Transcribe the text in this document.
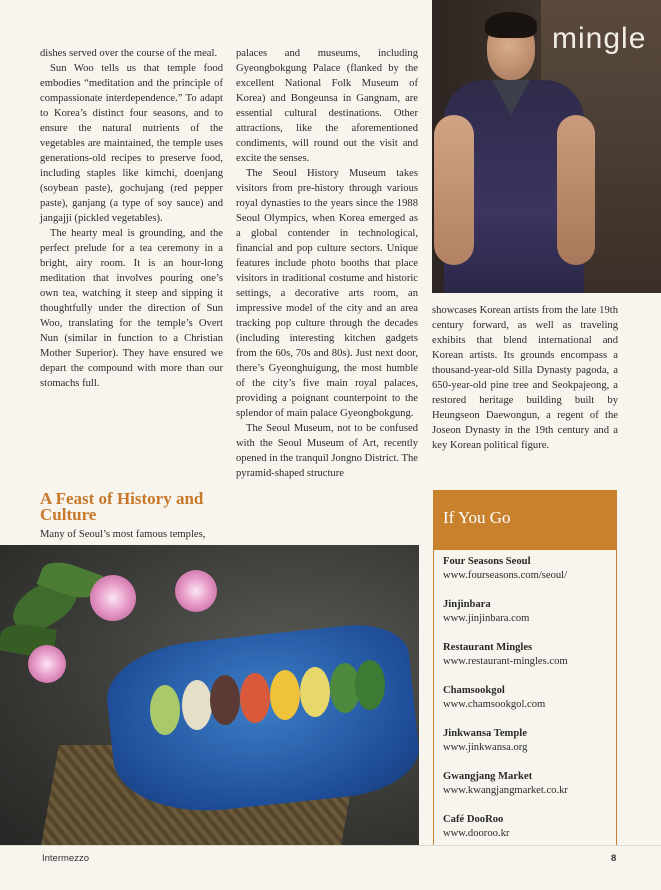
dishes served over the course of the meal.

Sun Woo tells us that temple food embodies “meditation and the principle of compassionate interdependence.” To adapt to Korea’s distinct four seasons, and to ensure the natural nutrients of the vegetables are maintained, the temple uses generations-old recipes to preserve food, including staples like kimchi, doenjang (soybean paste), gochujang (red pepper paste), ganjang (a type of soy sauce) and jangajji (pickled vegetables).

The hearty meal is grounding, and the perfect prelude for a tea ceremony in a bright, airy room. It is an hour-long meditation that involves pouring one’s own tea, watching it steep and sipping it thoughtfully under the direction of Sun Woo, translating for the temple’s Overt Nun (similar in function to a Christian Mother Superior). They have ensured we depart the compound with more than our stomachs full.

A Feast of History and Culture
Many of Seoul’s most famous temples,

palaces and museums, including Gyeongbokgung Palace (flanked by the excellent National Folk Museum of Korea) and Bongeunsa in Gangnam, are essential cultural destinations. Other attractions, like the aforementioned condiments, will round out the visit and excite the senses.

The Seoul History Museum takes visitors from pre-history through various royal dynasties to the years since the 1988 Seoul Olympics, when Korea emerged as a global contender in technological, financial and pop culture sectors. Unique features include photo booths that place visitors in traditional costume and historic settings, a decorative arts room, an impressive model of the city and an area tracking pop culture through the decades (including interesting kitchen gadgets from the 60s, 70s and 80s). Just next door, there’s Gyeonghuigung, the most humble of the city’s five main royal palaces, providing a poignant counterpoint to the splendor of main palace Gyeongbokgung.

The Seoul Museum, not to be confused with the Seoul Museum of Art, recently opened in the tranquil Jongno District. The pyramid-shaped structure

mingle

showcases Korean artists from the late 19th century forward, as well as traveling exhibits that blend international and Korean artists. Its grounds encompass a thousand-year-old Silla Dynasty pagoda, a 650-year-old pine tree and Seokpajeong, a restored heritage building built by Heungseon Daewongun, a regent of the Joseon Dynasty in the 19th century and a key Korean political figure.

If You Go
Four Seasons Seoul
www.fourseasons.com/seoul/
Jinjinbara
www.jinjinbara.com
Restaurant Mingles
www.restaurant-mingles.com
Chamsookgol
www.chamsookgol.com
Jinkwansa Temple
www.jinkwansa.org
Gwangjang Market
www.kwangjangmarket.co.kr
Café DooRoo
www.dooroo.kr
Intermezzo	8
